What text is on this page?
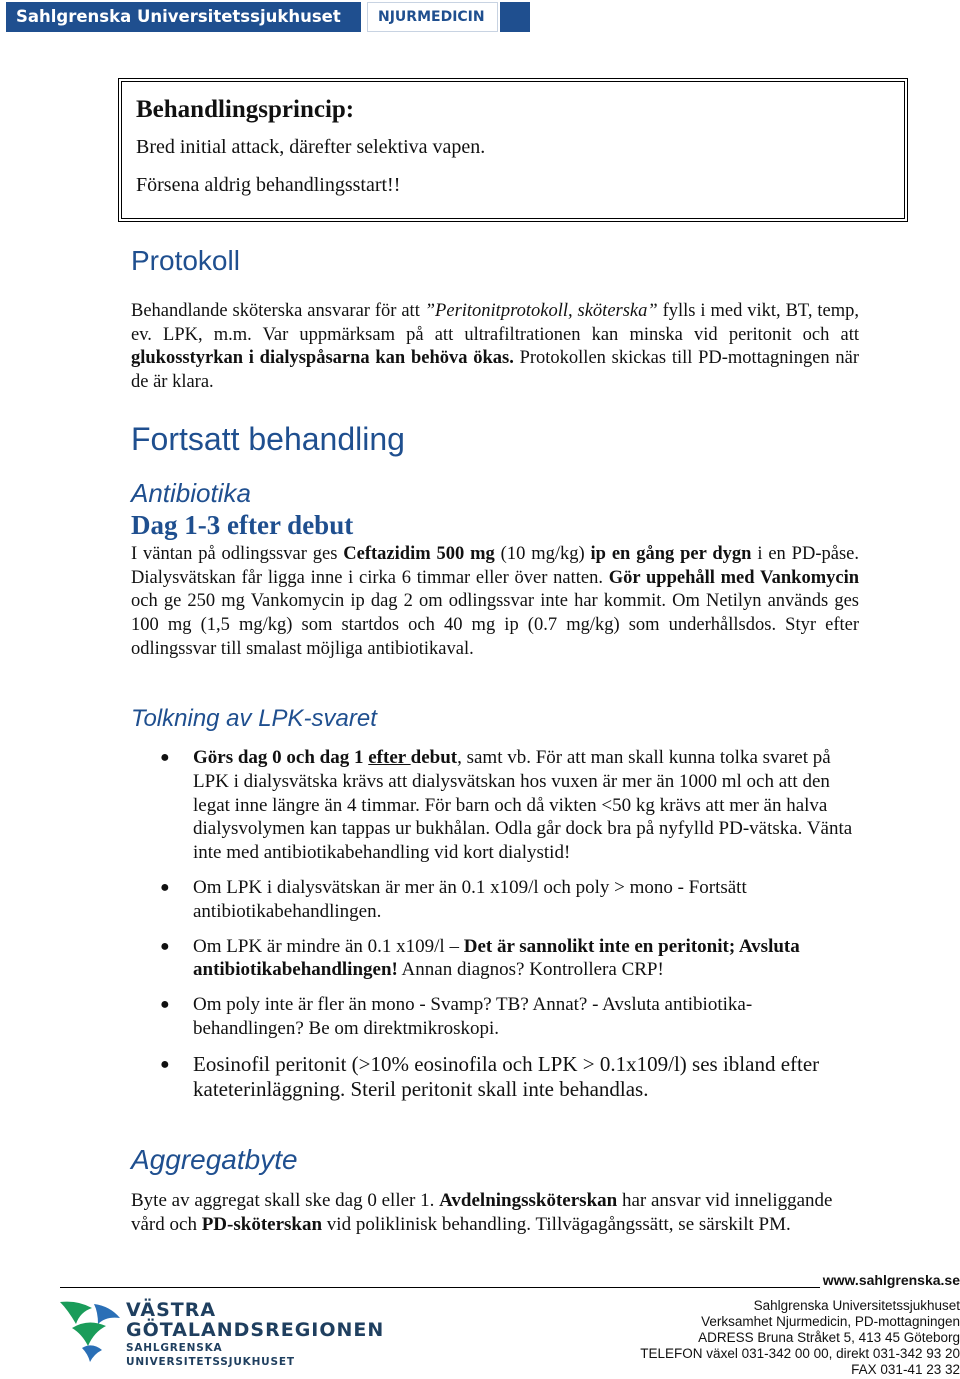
Sahlgrenska Universitetssjukhuset	NJURMEDICIN
Behandlingsprincip:
Bred initial attack, därefter selektiva vapen.
Försena aldrig behandlingsstart!!
Protokoll
Behandlande sköterska ansvarar för att ”Peritonitprotokoll, sköterska” fylls i med vikt, BT, temp, ev. LPK, m.m. Var uppmärksam på att ultrafiltrationen kan minska vid peritonit och att glukosstyrkan i dialyspåsarna kan behöva ökas. Protokollen skickas till PD-mottagningen när de är klara.
Fortsatt behandling
Antibiotika
Dag 1-3 efter debut
I väntan på odlingssvar ges Ceftazidim 500 mg (10 mg/kg) ip en gång per dygn i en PD-påse. Dialysvätskan får ligga inne i cirka 6 timmar eller över natten. Gör uppehåll med Vankomycin och ge 250 mg Vankomycin ip dag 2 om odlingssvar inte har kommit. Om Netilyn används ges 100 mg (1,5 mg/kg) som startdos och 40 mg ip (0.7 mg/kg) som underhållsdos. Styr efter odlingssvar till smalast möjliga antibiotikaval.
Tolkning av LPK-svaret
● Görs dag 0 och dag 1 efter debut, samt vb. För att man skall kunna tolka svaret på LPK i dialysvätska krävs att dialysvätskan hos vuxen är mer än 1000 ml och att den legat inne längre än 4 timmar. För barn och då vikten <50 kg krävs att mer än halva dialysvolymen kan tappas ur bukhålan. Odla går dock bra på nyfylld PD-vätska. Vänta inte med antibiotikabehandling vid kort dialystid!
● Om LPK i dialysvätskan är mer än 0.1 x109/l och poly > mono - Fortsätt antibiotikabehandlingen.
● Om LPK är mindre än 0.1 x109/l – Det är sannolikt inte en peritonit; Avsluta antibiotikabehandlingen! Annan diagnos? Kontrollera CRP!
● Om poly inte är fler än mono - Svamp? TB? Annat? - Avsluta antibiotika-behandlingen? Be om direktmikroskopi.
● Eosinofil peritonit (>10% eosinofila och LPK > 0.1x109/l) ses ibland efter kateterinläggning. Steril peritonit skall inte behandlas.
Aggregatbyte
Byte av aggregat skall ske dag 0 eller 1. Avdelningssköterskan har ansvar vid inneliggande vård och PD-sköterskan vid poliklinisk behandling. Tillvägagångssätt, se särskilt PM.
www.sahlgrenska.se
VÄSTRA
GÖTALANDSREGIONEN
SAHLGRENSKA UNIVERSITETSSJUKHUSET
Sahlgrenska Universitetssjukhuset
Verksamhet Njurmedicin, PD-mottagningen
ADRESS Bruna Stråket 5, 413 45 Göteborg
TELEFON växel 031-342 00 00, direkt 031-342 93 20
FAX 031-41 23 32
